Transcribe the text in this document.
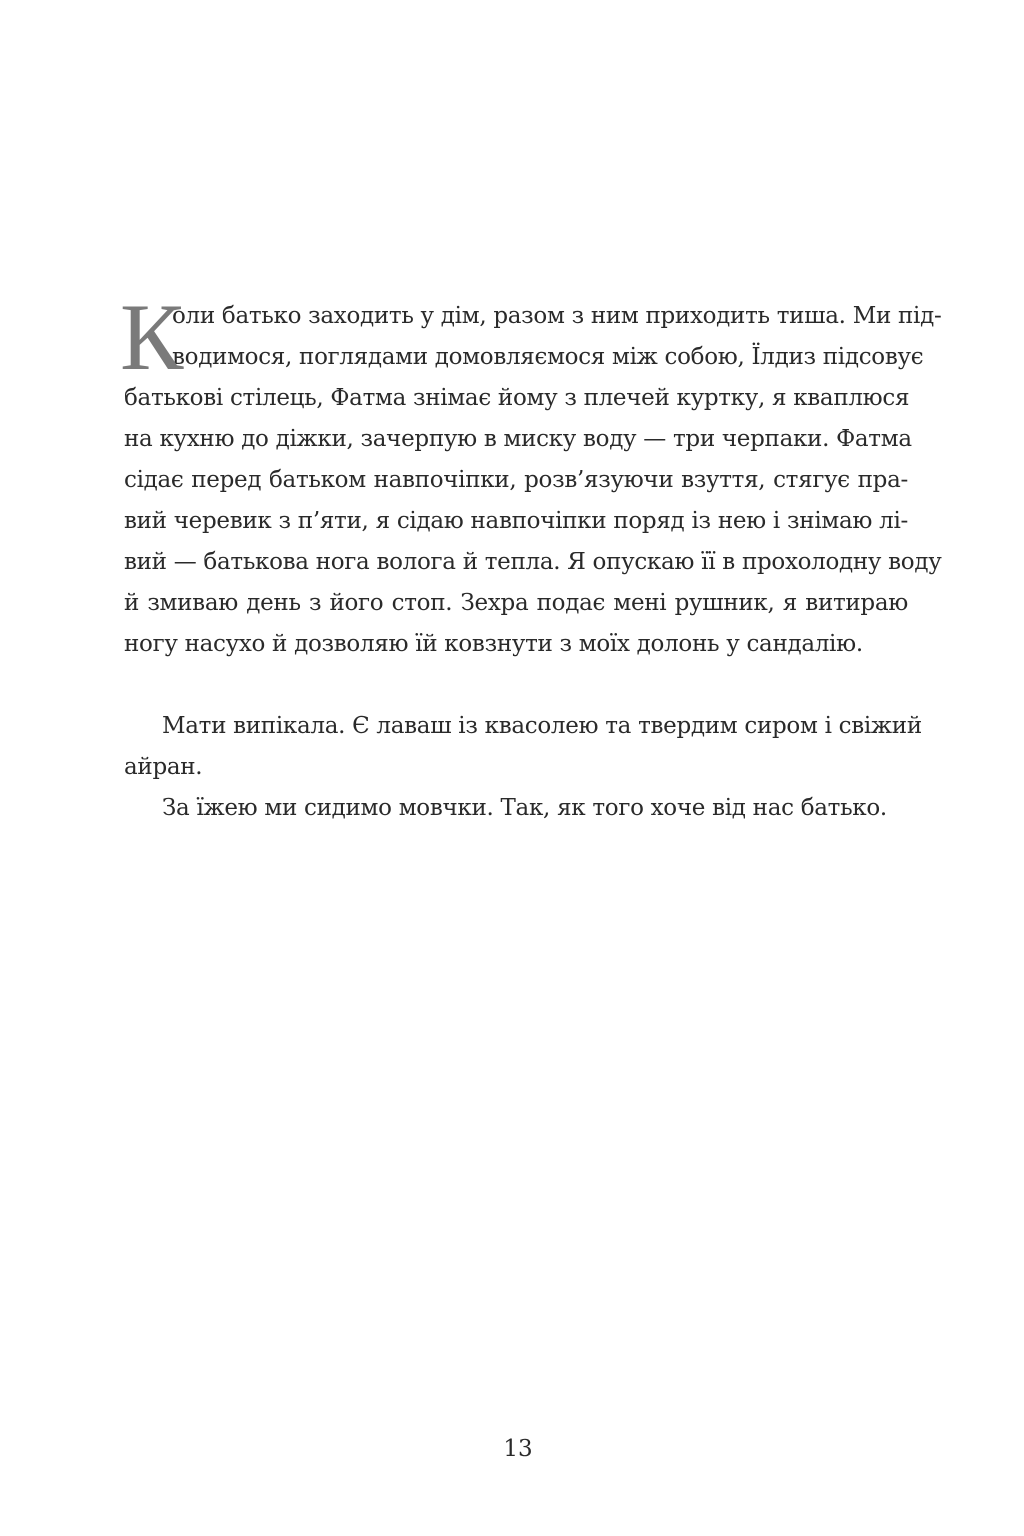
К
оли батько заходить у дім, разом з ним приходить тиша. Ми під-
водимося, поглядами домовляємося між собою, Їлдиз підсовує
батькові стілець, Фатма знімає йому з плечей куртку, я кваплюся
на кухню до діжки, зачерпую в миску воду — три черпаки. Фатма
сідає перед батьком навпочіпки, розв’язуючи взуття, стягує пра-
вий черевик з п’яти, я сідаю навпочіпки поряд із нею і знімаю лі-
вий — батькова нога волога й тепла. Я опускаю її в прохолодну воду
й змиваю день з його стоп. Зехра подає мені рушник, я витираю
ногу насухо й дозволяю їй ковзнути з моїх долонь у сандалію.
Мати випікала. Є лаваш із квасолею та твердим сиром і свіжий
айран.
За їжею ми сидимо мовчки. Так, як того хоче від нас батько.
13
